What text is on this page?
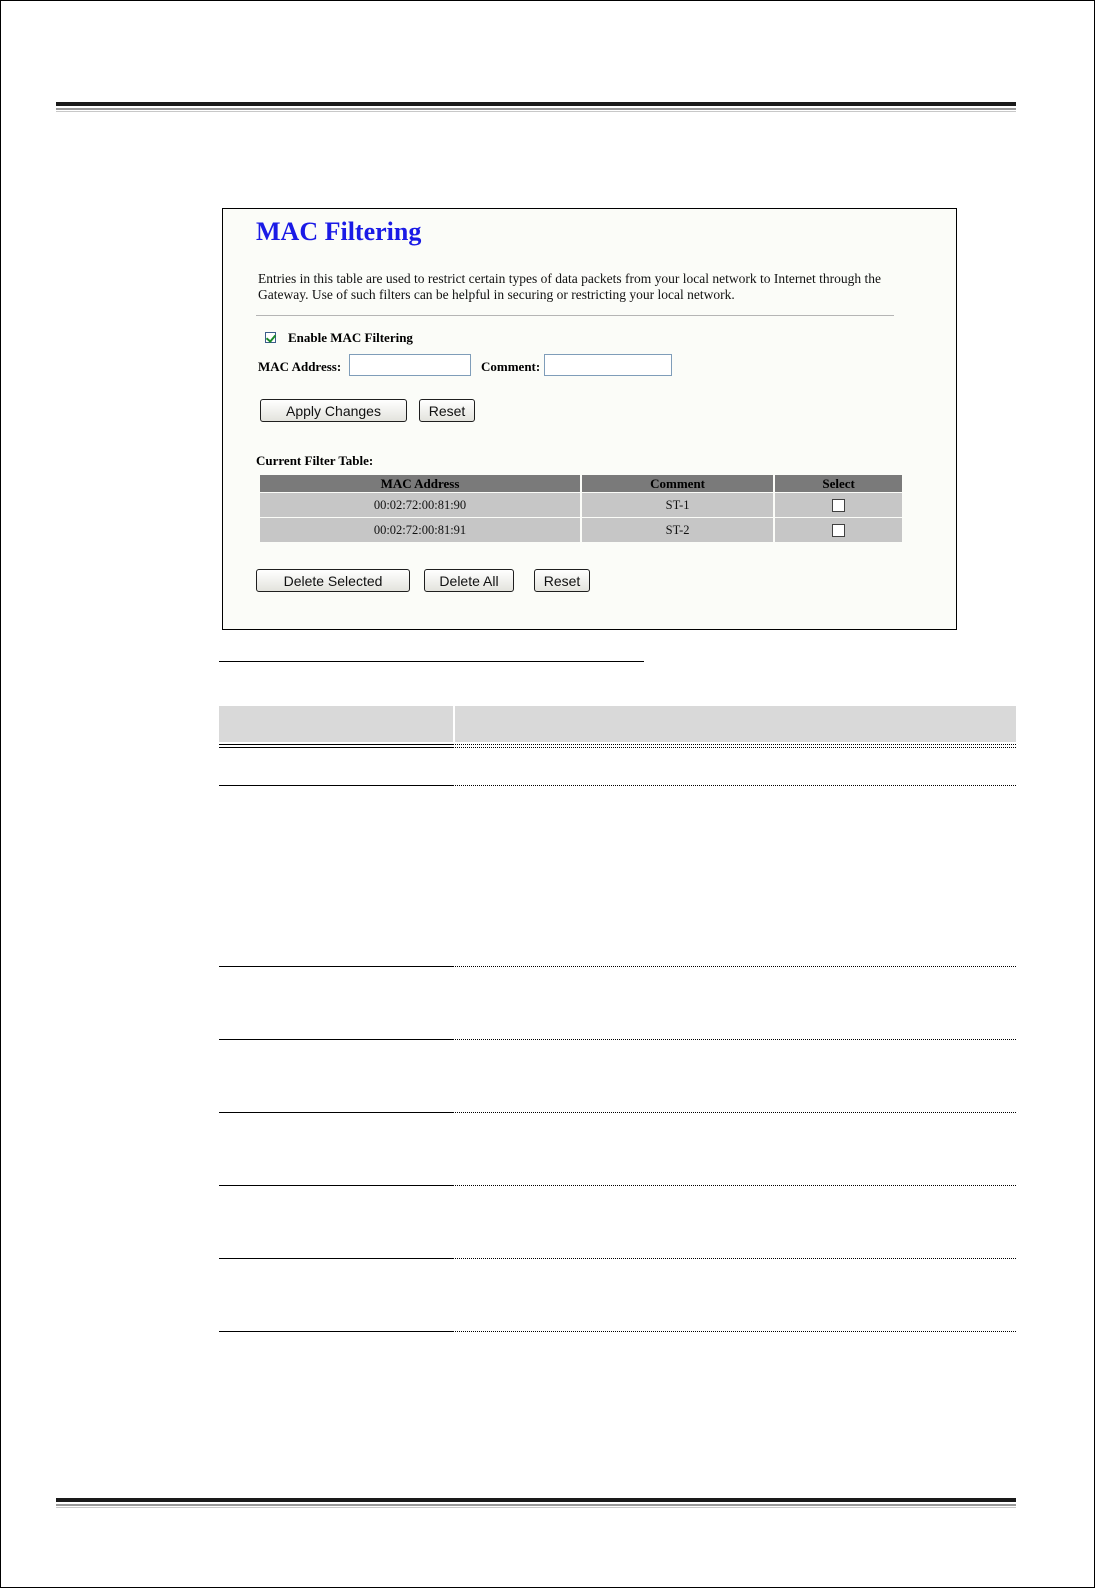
MAC Filtering
Entries in this table are used to restrict certain types of data packets from your local network to Internet through the Gateway. Use of such filters can be helpful in securing or restricting your local network.
Enable MAC Filtering
MAC Address:	Comment:
Apply Changes	Reset
Current Filter Table:
MAC Address	Comment	Select
00:02:72:00:81:90	ST-1	
00:02:72:00:81:91	ST-2	
Delete Selected	Delete All	Reset
